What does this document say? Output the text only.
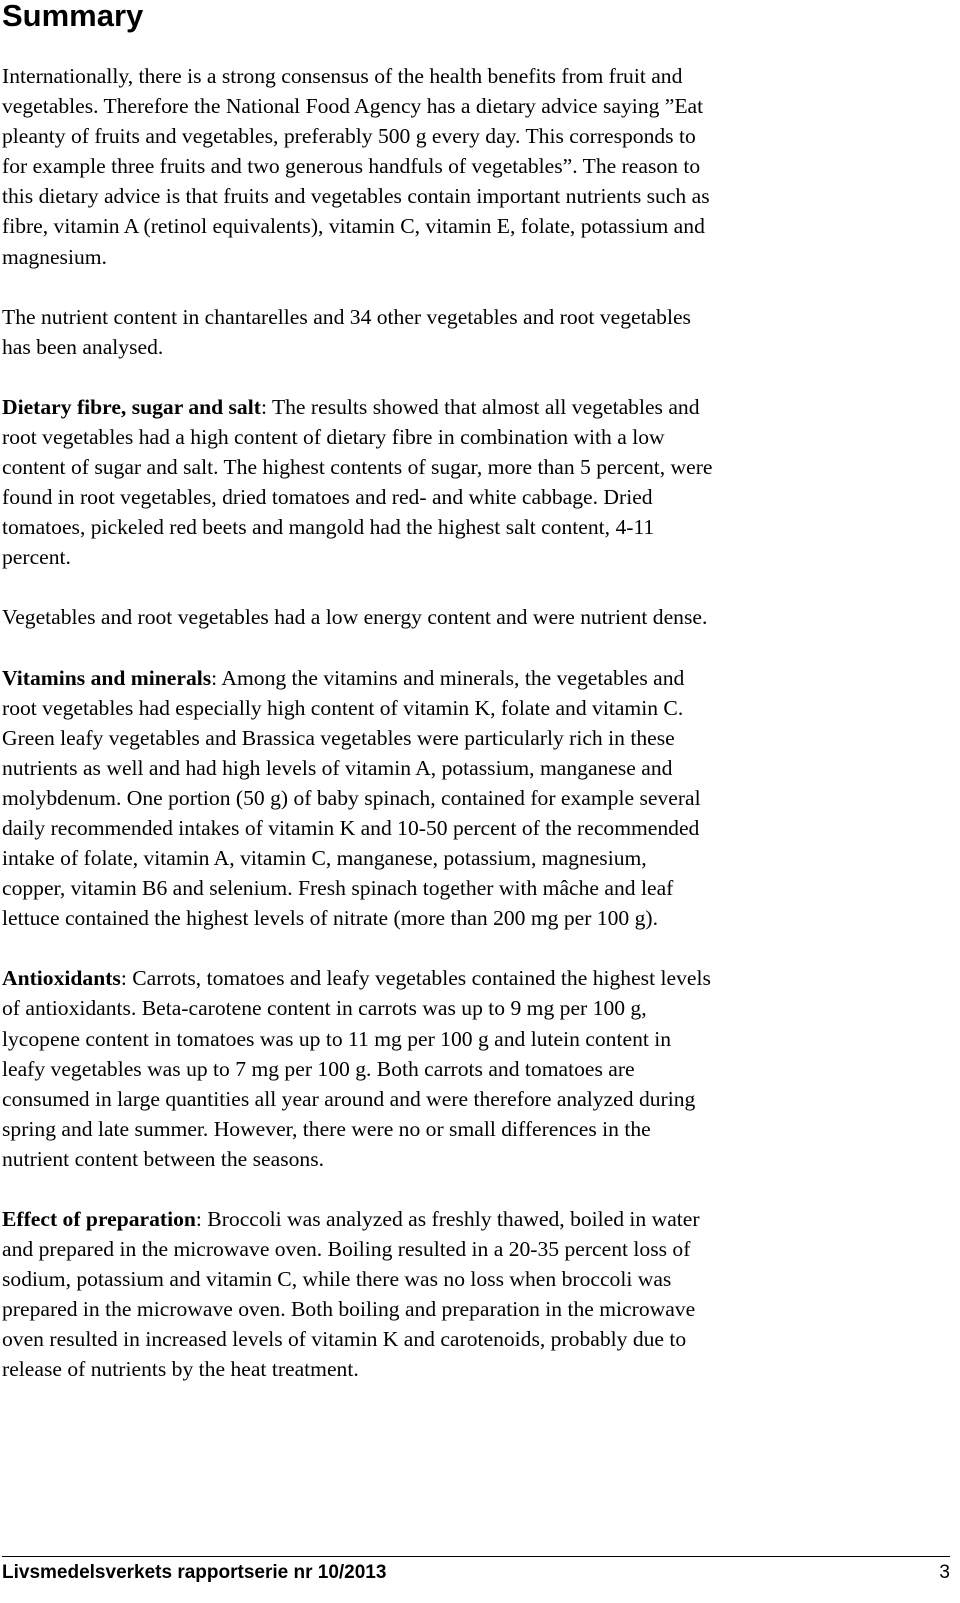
Summary

Internationally, there is a strong consensus of the health benefits from fruit and
vegetables. Therefore the National Food Agency has a dietary advice saying ”Eat
pleanty of fruits and vegetables, preferably 500 g every day. This corresponds to
for example three fruits and two generous handfuls of vegetables”. The reason to
this dietary advice is that fruits and vegetables contain important nutrients such as
fibre, vitamin A (retinol equivalents), vitamin C, vitamin E, folate, potassium and
magnesium.

The nutrient content in chantarelles and 34 other vegetables and root vegetables
has been analysed.

Dietary fibre, sugar and salt: The results showed that almost all vegetables and
root vegetables had a high content of dietary fibre in combination with a low
content of sugar and salt. The highest contents of sugar, more than 5 percent, were
found in root vegetables, dried tomatoes and red- and white cabbage. Dried
tomatoes, pickeled red beets and mangold had the highest salt content, 4-11
percent.

Vegetables and root vegetables had a low energy content and were nutrient dense.

Vitamins and minerals: Among the vitamins and minerals, the vegetables and
root vegetables had especially high content of vitamin K, folate and vitamin C.
Green leafy vegetables and Brassica vegetables were particularly rich in these
nutrients as well and had high levels of vitamin A, potassium, manganese and
molybdenum. One portion (50 g) of baby spinach, contained for example several
daily recommended intakes of vitamin K and 10-50 percent of the recommended
intake of folate, vitamin A, vitamin C, manganese, potassium, magnesium,
copper, vitamin B6 and selenium. Fresh spinach together with mâche and leaf
lettuce contained the highest levels of nitrate (more than 200 mg per 100 g).

Antioxidants: Carrots, tomatoes and leafy vegetables contained the highest levels
of antioxidants. Beta-carotene content in carrots was up to 9 mg per 100 g,
lycopene content in tomatoes was up to 11 mg per 100 g and lutein content in
leafy vegetables was up to 7 mg per 100 g. Both carrots and tomatoes are
consumed in large quantities all year around and were therefore analyzed during
spring and late summer. However, there were no or small differences in the
nutrient content between the seasons.

Effect of preparation: Broccoli was analyzed as freshly thawed, boiled in water
and prepared in the microwave oven. Boiling resulted in a 20-35 percent loss of
sodium, potassium and vitamin C, while there was no loss when broccoli was
prepared in the microwave oven. Both boiling and preparation in the microwave
oven resulted in increased levels of vitamin K and carotenoids, probably due to
release of nutrients by the heat treatment.

Livsmedelsverkets rapportserie nr 10/2013	3
